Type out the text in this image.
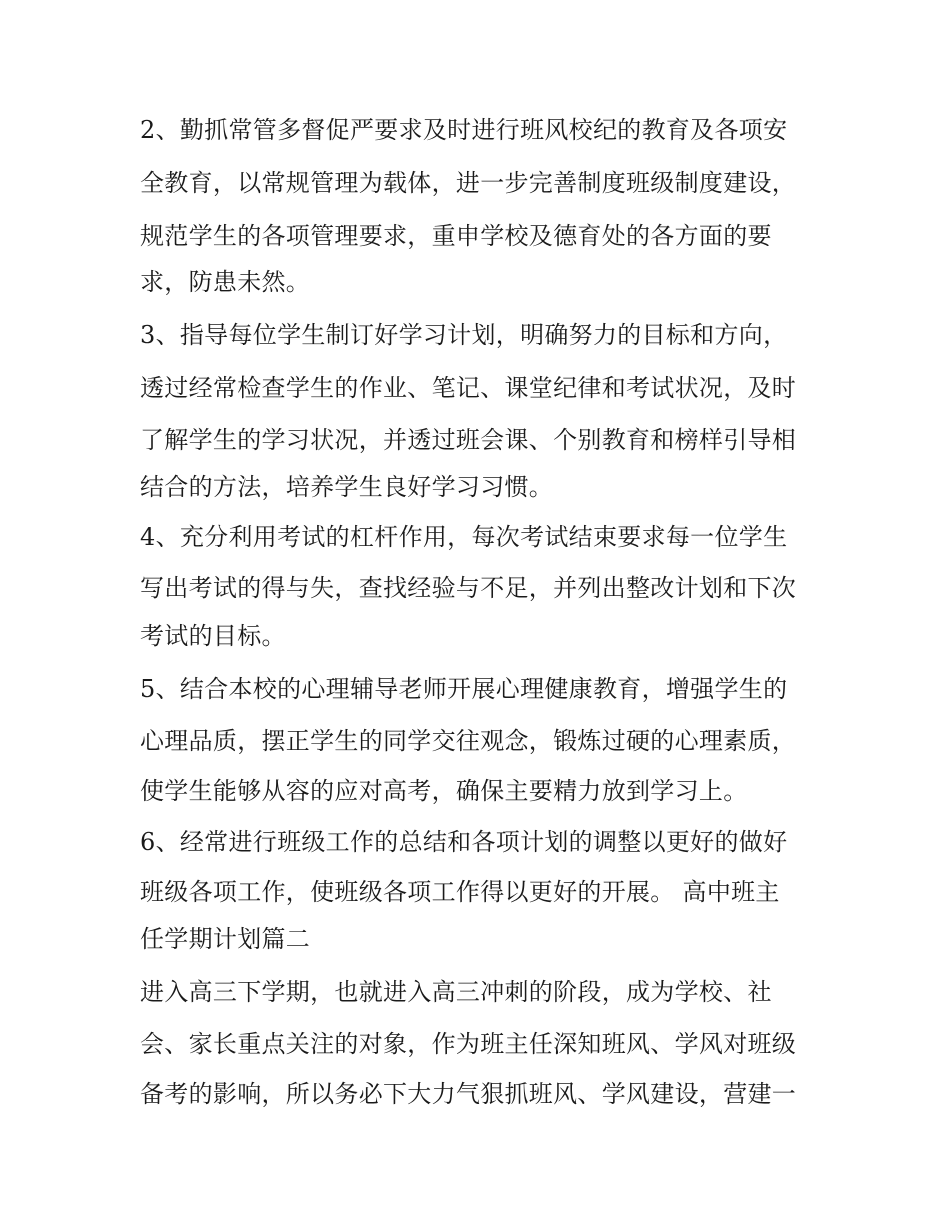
2、勤抓常管多督促严要求及时进行班风校纪的教育及各项安

全教育，以常规管理为载体，进一步完善制度班级制度建设，

规范学生的各项管理要求，重申学校及德育处的各方面的要

求，防患未然。

3、指导每位学生制订好学习计划，明确努力的目标和方向，

透过经常检查学生的作业、笔记、课堂纪律和考试状况，及时

了解学生的学习状况，并透过班会课、个别教育和榜样引导相

结合的方法，培养学生良好学习习惯。

4、充分利用考试的杠杆作用，每次考试结束要求每一位学生

写出考试的得与失，查找经验与不足，并列出整改计划和下次

考试的目标。

5、结合本校的心理辅导老师开展心理健康教育，增强学生的

心理品质，摆正学生的同学交往观念，锻炼过硬的心理素质，

使学生能够从容的应对高考，确保主要精力放到学习上。

6、经常进行班级工作的总结和各项计划的调整以更好的做好

班级各项工作，使班级各项工作得以更好的开展。 高中班主

任学期计划篇二

进入高三下学期，也就进入高三冲刺的阶段，成为学校、社

会、家长重点关注的对象，作为班主任深知班风、学风对班级

备考的影响，所以务必下大力气狠抓班风、学风建设，营建一
